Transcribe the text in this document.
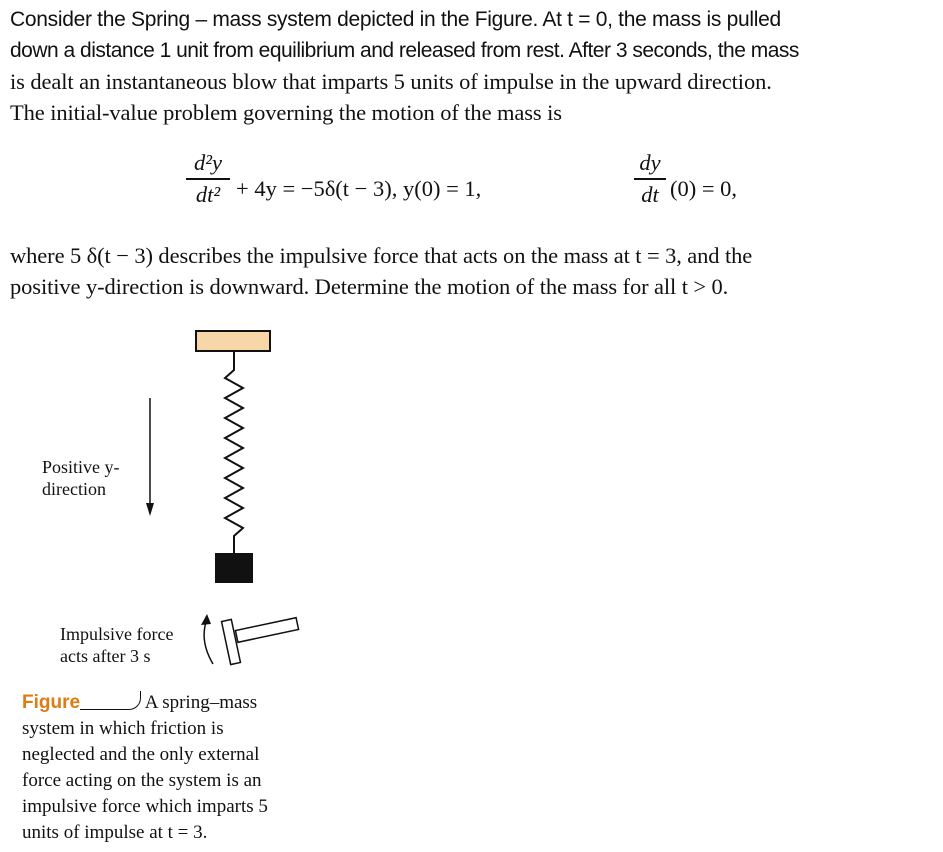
Consider the Spring – mass system depicted in the Figure. At t = 0, the mass is pulled
down a distance 1 unit from equilibrium and released from rest. After 3 seconds, the mass
is dealt an instantaneous blow that imparts 5 units of impulse in the upward direction.
The initial-value problem governing the motion of the mass is
d²y
dt² + 4y = −5δ(t − 3), y(0) = 1,
dy
dt (0) = 0,
where 5 δ(t − 3) describes the impulsive force that acts on the mass at t = 3, and the
positive y-direction is downward. Determine the motion of the mass for all t > 0.
Positive y-
direction
Impulsive force
acts after 3 s
Figure	A spring–mass
system in which friction is
neglected and the only external
force acting on the system is an
impulsive force which imparts 5
units of impulse at t = 3.
